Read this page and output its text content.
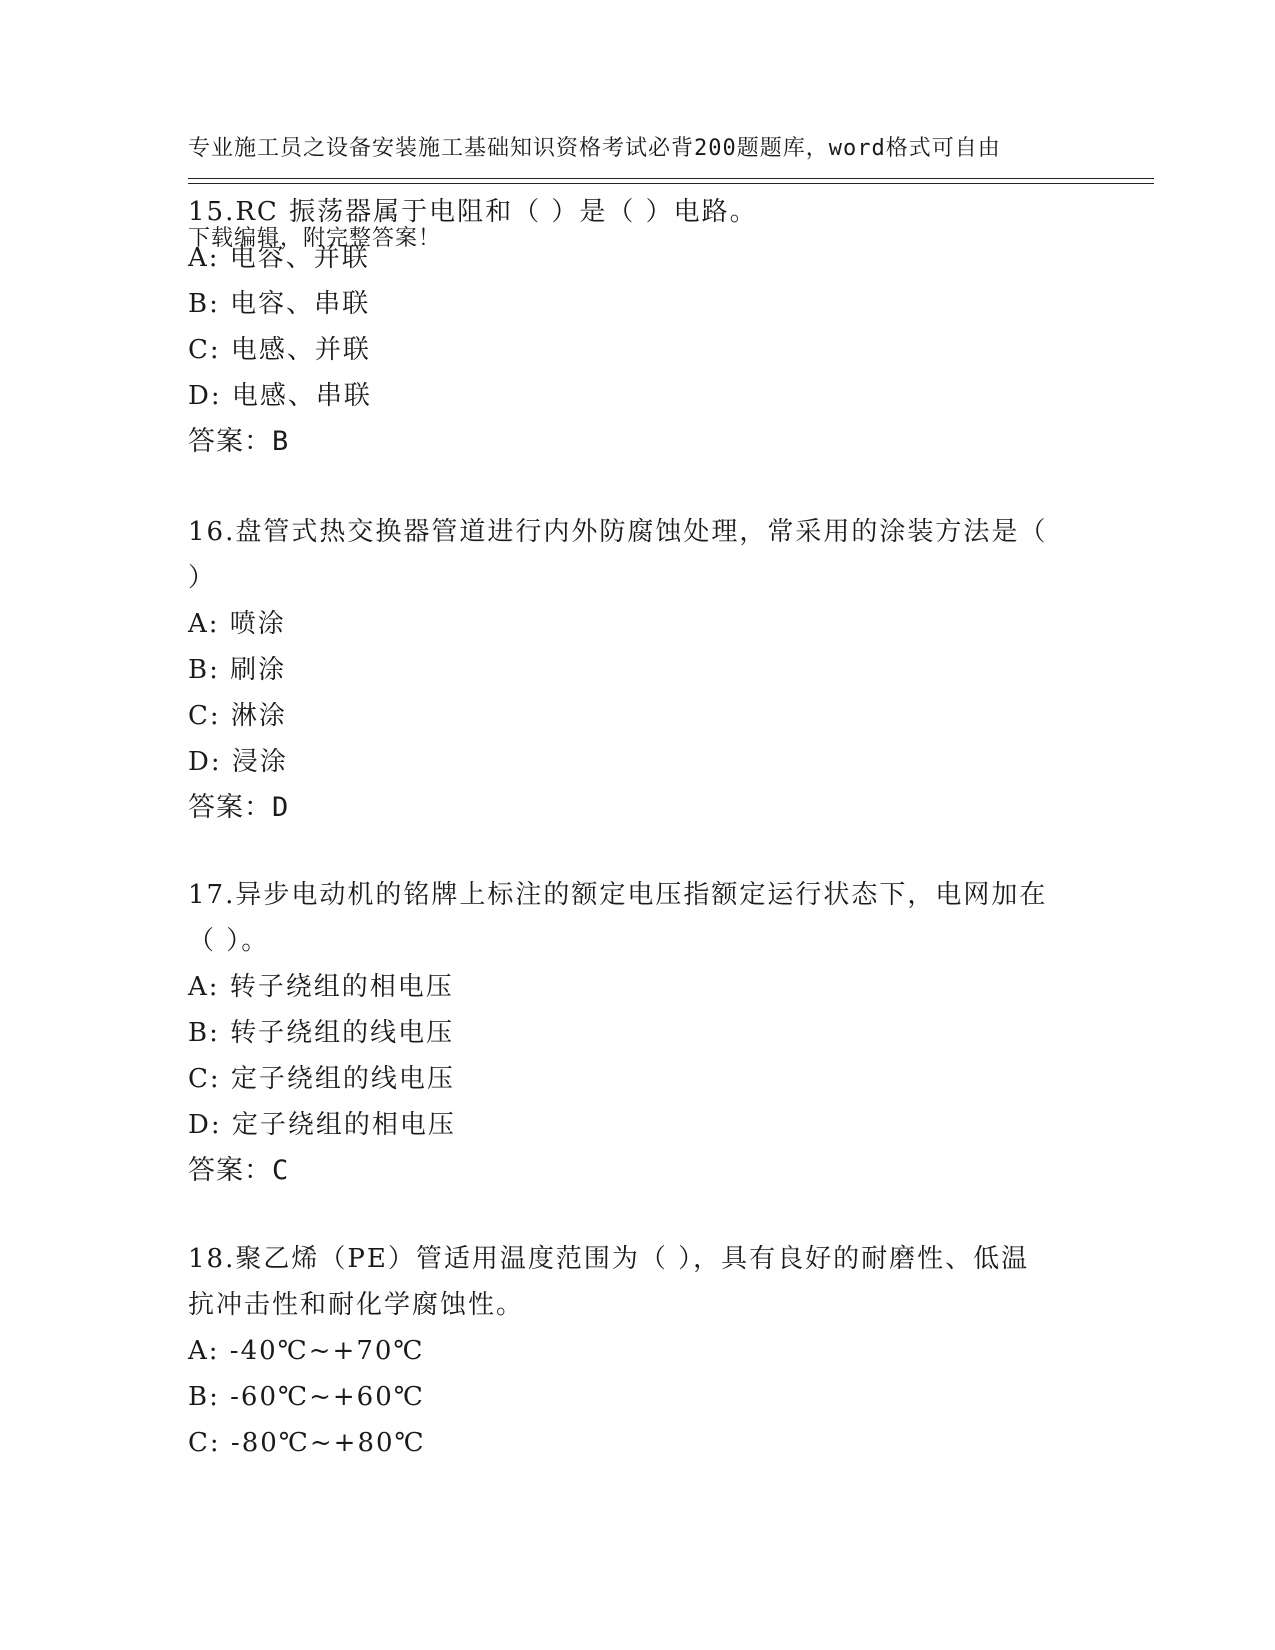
专业施工员之设备安装施工基础知识资格考试必背200题题库，word格式可自由

下载编辑，附完整答案！

15.RC 振荡器属于电阻和（ ）是（ ）电路。
A: 电容、并联
B: 电容、串联
C: 电感、并联
D: 电感、串联
答案：B
16.盘管式热交换器管道进行内外防腐蚀处理，常采用的涂装方法是（
）
A: 喷涂
B: 刷涂
C: 淋涂
D: 浸涂
答案：D
17.异步电动机的铭牌上标注的额定电压指额定运行状态下，电网加在
（ ）。
A: 转子绕组的相电压
B: 转子绕组的线电压
C: 定子绕组的线电压
D: 定子绕组的相电压
答案：C
18.聚乙烯（PE）管适用温度范围为（ ），具有良好的耐磨性、低温
抗冲击性和耐化学腐蚀性。
A: -40℃~+70℃
B: -60℃~+60℃
C: -80℃~+80℃
